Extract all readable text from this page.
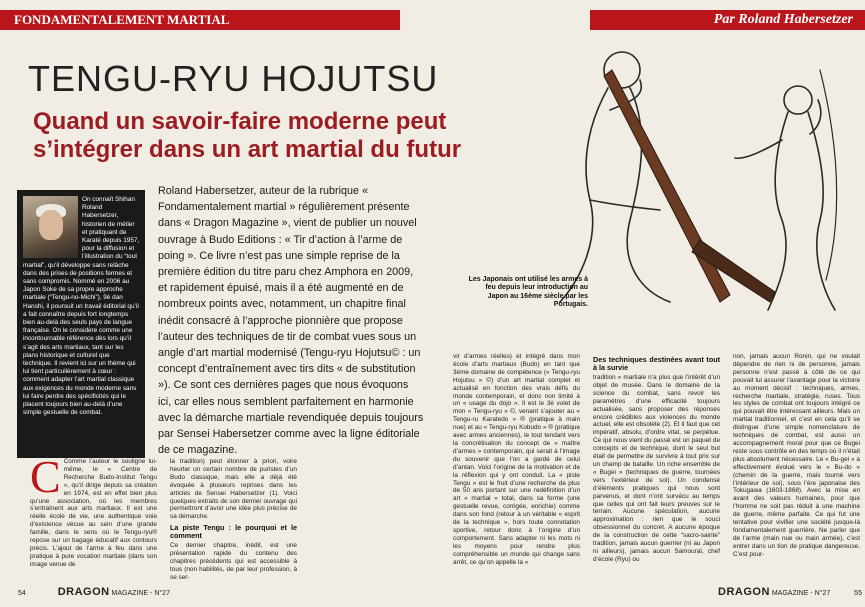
FONDAMENTALEMENT MARTIAL	Par Roland Habersetzer
TENGU-RYU HOJUTSU
Quand un savoir-faire moderne peut s’intégrer dans un art martial du futur
On connaît Shihan Roland Habersetzer, historien de métier et pratiquant de Karaté depuis 1957, pour la diffusion et l’illustration du “tout martial”, qu’il développe sans relâche dans des prises de positions fermes et sans compromis. Nommé en 2006 au Japon Soke de sa propre approche martiale (“Tengu-no-Michi”), 9è dan Hanshi, il poursuit un travail éditorial qu’il a fait connaître depuis fort longtemps bien au-delà des seuls pays de langue française. On le considère comme une incontournable référence dès lors qu’il s’agit des arts martiaux, tant sur les plans historique et culturel que technique. Il revient ici sur un thème qui lui tient particulièrement à cœur : comment adapter l’art martial classique aux exigences du monde moderne sans lui faire perdre des spécificités qui le placent toujours bien au-delà d’une simple gestuelle de combat.
Roland Habersetzer, auteur de la rubrique « Fondamentalement martial » régulièrement présente dans « Dragon Magazine », vient de publier un nouvel ouvrage à Budo Editions : « Tir d’action à l’arme de poing ». Ce livre n’est pas une simple reprise de la première édition du titre paru chez Amphora en 2009, et rapidement épuisé, mais il a été augmenté en de nombreux points avec, notamment, un chapitre final inédit consacré à l’approche pionnière que propose l’auteur des techniques de tir de combat vues sous un angle d’art martial modernisé (Tengu-ryu Hojutsu© : un concept d’entraînement avec tirs dits « de substitution »). Ce sont ces dernières pages que nous évoquons ici, car elles nous semblent parfaitement en harmonie avec la démarche martiale revendiquée depuis toujours par Sensei Habersetzer comme avec la ligne éditoriale de ce magazine.
Les Japonais ont utilisé les armes à feu depuis leur introduction au Japon au 16ème siècle par les Portugais.
C Comme l’auteur le souligne lui-même, le « Centre de Recherche Budo-Institut Tengu », qu’il dirige depuis sa création en 1974, est en effet bien plus qu’une association, où les membres s’entraînent aux arts martiaux. Il est une réelle école de vie, une authentique voie d’existence vécue au sein d’une grande famille, dans le sens où le Tengu-ryu® repose sur un bagage éducatif aux contours précis. L’ajout de l’arme à feu dans une pratique à pure vocation martiale (dans son image venue de
la tradition) peut étonner à priori, voire heurter un certain nombre de puristes d’un Budo classique, mais elle a déjà été évoquée à plusieurs reprises dans les articles de Sensei Habersetzer (1). Voici quelques extraits de son dernier ouvrage qui permettront d’avoir une idée plus précise de sa démarche.
La piste Tengu : le pourquoi et le comment
Ce dernier chapitre, inédit, est une présentation rapide du contenu des chapitres précédents qui est accessible à tous (non habilités, de par leur profession, à se ser-
vir d’armes réelles) et intégré dans mon école d’arts martiaux (Budo) en tant que 3ème domaine de compétence (« Tengu-ryu Hojutsu » ©) d’un art martial complet et actualisé en fonction des vrais défis du monde contemporain, et donc non limité à un « usage du dojo ». Il est le 3è volet de mon « Tengu-ryu » ©, venant s’ajouter au « Tengu-ru Karatedo » ® (pratique à main nue) et au « Tengu-ryu Kobudo » ® (pratique avec armes anciennes), le tout tendant vers la concrétisation du concept de « maître d’armes » contemporain, qui serait à l’image du souvenir que l’on a gardé de celui d’antan. Voici l’origine de la motivation et de la réflexion qui y ont conduit. La « piste Tengu » est le fruit d’une recherche de plus de 50 ans portant sur une redéfinition d’un art « martial » total, dans sa forme (une gestuelle revue, corrigée, enrichie) comme dans son fond (retour à un véritable « esprit de la technique », hors toute connotation sportive, retour donc à l’origine d’un comportement. Sans adapter ni les mots ni les moyens pour rendre plus compréhensible un monde qui change sans arrêt, ce qu’on appelle la «
Des techniques destinées avant tout à la survie
tradition » martiale n’a plus que l’intérêt d’un objet de musée. Dans le domaine de la science du combat, sans revoir les paramètres d’une efficacité toujours actualisée, sans proposer des réponses encore crédibles aux violences du monde actuel, elle est obsolète (2). Et il faut que cet impératif, absolu, d’ordre vital, se perpétue. Ce qui nous vient du passé est un paquet de concepts et de technique, dont le seul but était de permettre de survivre à tout prix sur un champ de bataille. Un riche ensemble de « Bugei » (techniques de guerre, tournées vers l’extérieur de soi). Un condensé d’éléments pratiques qui nous sont parvenus, et dont n’ont survécu au temps que celles qui ont fait leurs preuves sur le terrain. Aucune spéculation, aucune approximation : rien que le souci obsessionnel du concret. A aucune époque de la construction de cette “sacro-sainte” tradition, jamais aucun guerrier (ni au Japon ni ailleurs), jamais aucun Samouraï, chef d’école (Ryu) ou
non, jamais aucun Ronin, qui ne voulait dépendre de rien ni de personne, jamais personne n’est passé à côté de ce qui pouvait lui assurer l’avantage pour la victoire au moment décisif : techniques, armes, recherche martiale, stratégie, ruses. Tous les styles de combat ont toujours intégré ce qui pouvait être intéressant ailleurs. Mais un martial traditionnel, et c’est en cela qu’il se distingue d’une simple nomenclature de techniques de combat, est aussi un accompagnement moral pour que ce Bugei reste sous contrôle en des temps où il n’était plus absolument nécessaire. Le « Bu-gei » a effectivement évolué vers le « Bu-do » (chemin de la guerre, mais tourné vers l’intérieur de soi), sous l’ère japonaise des Tokugawa (1603-1868). Avec la mise en avant des valeurs humaines, pour que l’homme ne soit pas réduit à une machine de guerre, même parfaite. Ce qui fut une tentative pour vivifier une société jusque-là fondamentalement guerrière. Ne parler que de l’arme (main nue ou main armée), c’est entrer dans un tion de pratique dangereuse. C’est pour-
54	DRAGON MAGAZINE - N°27	DRAGON MAGAZINE - N°27	55
